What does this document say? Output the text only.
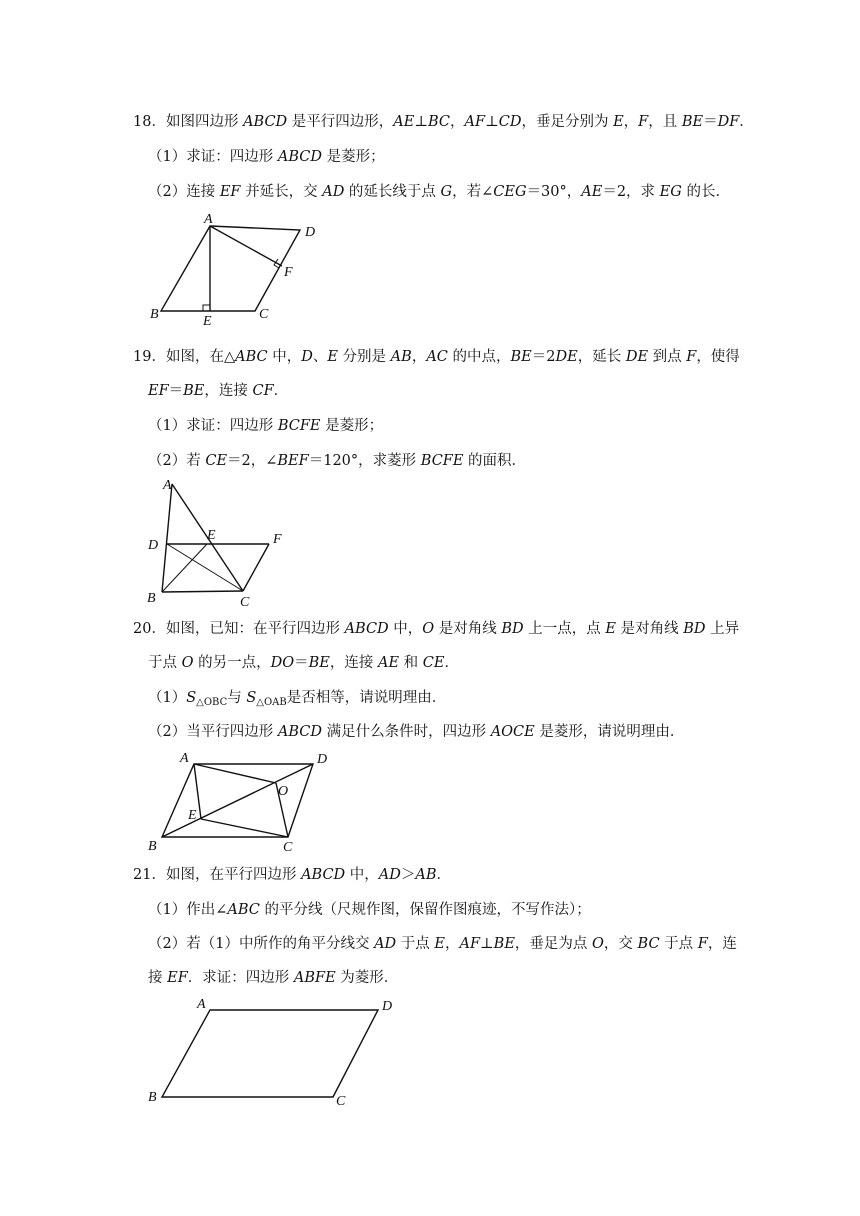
18．如图四边形 ABCD 是平行四边形，AE⊥BC，AF⊥CD，垂足分别为 E，F，且 BE＝DF．
（1）求证：四边形 ABCD 是菱形；
（2）连接 EF 并延长，交 AD 的延长线于点 G，若∠CEG＝30°，AE＝2，求 EG 的长．
A
D
F
B	E	C
19．如图，在△ABC 中，D、E 分别是 AB，AC 的中点，BE＝2DE，延长 DE 到点 F，使得
EF＝BE，连接 CF．
（1）求证：四边形 BCFE 是菱形；
（2）若 CE＝2，∠BEF＝120°，求菱形 BCFE 的面积．
A
D
E	F
B	C
20．如图，已知：在平行四边形 ABCD 中，O 是对角线 BD 上一点，点 E 是对角线 BD 上异
于点 O 的另一点，DO＝BE，连接 AE 和 CE．
$(1)S_{\triangle OBC}$与 $S_{\triangle OAB}$是否相等，请说明理由．
（2）当平行四边形 ABCD 满足什么条件时，四边形 AOCE 是菱形，请说明理由．
A	D
O
E
B	C
21．如图，在平行四边形 ABCD 中，AD＞AB．
（1）作出∠ABC 的平分线（尺规作图，保留作图痕迹，不写作法）；
（2）若（1）中所作的角平分线交 AD 于点 E，AF⊥BE，垂足为点 O，交 BC 于点 F，连
接 EF．求证：四边形 ABFE 为菱形．
A	D
B	C
